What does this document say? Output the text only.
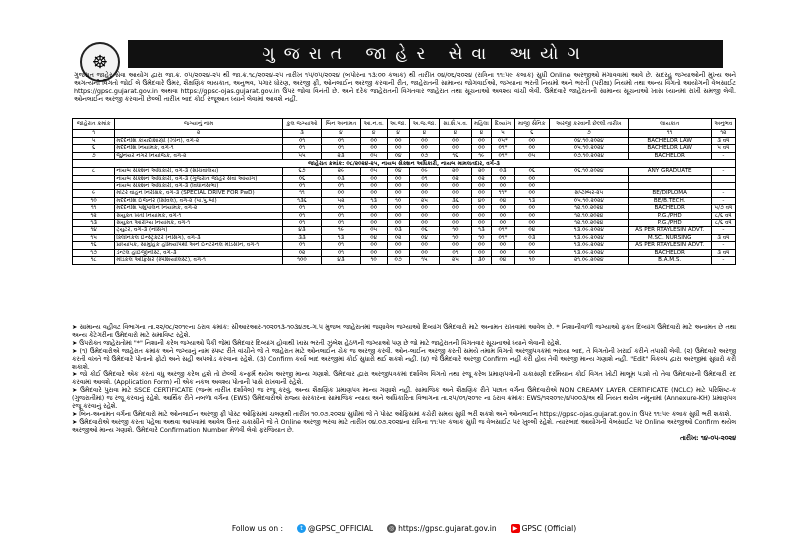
☸	ગુજરાત જાહેર સેવા આયોગ
ગુજરાત જાહેર સેવા આયોગ દ્વારા જા.ક્ર. ૦૫/૨૦૨૪-૨૫ થી જા.ક્ર.૧૮/૨૦૨૪-૨૫ તારીખ ૧૫/૦૫/૨૦૨૪ (બપોરના ૧૩:૦૦ કલાક) થી તારીખ ૦૪/૦૬/૨૦૨૪ (રાત્રિના ૧૧:૫૯ કલાક) સુધી Online અરજીઓ મંગાવવામાં આવે છે. સદરહુ જગ્યાઓની મુખ્ય અને અગત્યની વિગતો જોઈ લે ઉમેદવારે ઉંમર, શૈક્ષણિક લાયકાત, અનુભવ, પગાર ધોરણ, અરજી ફી, ઓનલાઈન અરજી કરવાની રીત, જાહેરાતની સામાન્ય જોગવાઈઓ, જગ્યાના ભરતી નિયમો અને ભરતી (પરીક્ષા) નિયમો તથા અન્ય વિગતો આયોગની વેબસાઈટ https://gpsc.gujarat.gov.in અથવા https://gpsc-ojas.gujarat.gov.in ઉપર જોવા વિનંતી છે. અને દરેક જાહેરાતની વિગતવાર જાહેરાત તથા સૂચનાઓ અવશ્ય વાંચી લેવી. ઉમેદવારે જાહેરાતની સામાન્ય સૂચનાઓ ખાસ ધ્યાનમાં રાખી સમજી લેવી. ઓનલાઈન અરજી કરવાની છેલ્લી તારીખ બાદ કોઈ રજૂઆત ધ્યાને લેવામાં આવશે નહીં.
જાહેરાત ક્રમાંક	જગ્યાનું નામ	કુલ જગ્યાઓ	બિન અનામત	આ.ન.વ.	અ.જા.	અ.જ.જા.	સા.શૈ.પ.વ.	મહિલા	દિવ્યાંગ	માજી સૈનિક	અરજી કરવાની છેલ્લી તારીખ	લાયકાત	અનુભવ
૧	૨	૩	૪	૪	૪	૪	૪	૪	૫	૬	૭	૧૧	૧૨
૫	મદદનીશ કાયદાશાસ્ત્રી (ઝોન), વર્ગ-૨	૦૧	૦૧	૦૦	૦૦	૦૦	૦૦	૦૦	૦૫*	૦૦	૦૪.૧૦.૨૦૨૪	BACHELOR LAW	૩ વર્ષ
૬	મદદનીશ નિયામક, વર્ગ-૧	૦૧	૦૧	૦૦	૦૦	૦૦	૦૦	૦૦	૦૧*	૦૦	૦૫.૧૦.૨૦૨૪	BACHELOR LAW	૫ વર્ષ
૭	જુનિયર નગર નિયોજક, વર્ગ-૨	૫૫	૨૩	૦૫	૦૪	૦૭	૧૬	૧૯	૦૧*	૦૫	૦૭.૧૦.૨૦૨૪	BACHELOR	-
જાહેરાત ક્રમાંક: ૦૮/૨૦૨૪-૨૫, નાયબ સેક્શન અધિકારી, નાયબ મામલતદાર, વર્ગ-૩													
૮	નાયબ સેક્શન અધિકારી, વર્ગ-૩ (સચિવાલય)	૬૭	૨૯	૦૫	૦૪	૦૯	૨૦	૨૦	૦૩	૦૬	૦૬.૧૦.૨૦૨૪	ANY GRADUATE	-
	નાયબ સેક્શન અધિકારી, વર્ગ-૩ (ગુજરાત જાહેર સેવા આયોગ)	૦૬	૦૩	૦૦	૦૦	૦૧	૦૨	૦૨	૦૦	૦૦			
	નાયબ સેક્શન અધિકારી, વર્ગ-૩ (વિધાનસભા)	૦૧	૦૧	૦૦	૦૦	૦૦	૦૦	૦૦	૦૦	૦૦			
૯	મોટર વાહન નિરીક્ષક, વર્ગ-૩ (SPECIAL DRIVE FOR PwD)	૧૧	૦૦	૦૦	૦૦	૦૦	૦૦	૦૦	૧૧*	૦૦	સપ્ટેમ્બર-૨૫	BE/DIPLOMA	-
૧૦	મદદનીશ ઈજનેર (સિવિલ), વર્ગ-૨ (પા.પુ.બો)	૧૩૬	૫૨	૧૩	૧૦	૨૫	૩૬	૪૦	૦૪	૧૩	૦૫.૧૦.૨૦૨૪	BE/B.TECH.	-
૧૧	મદદનીશ પશુપાલન નિયામક, વર્ગ-૨	૦૧	૦૧	૦૦	૦૦	૦૦	૦૦	૦૦	૦૦	૦૦	૧૨.૧૦.૨૦૨૪	BACHELOR	૫/૭ વર્ષ
૧૨	સંયુક્ત ખેતી નિયામક, વર્ગ-૧	૦૧	૦૧	૦૦	૦૦	૦૦	૦૦	૦૦	૦૦	૦૦	૧૨.૧૦.૨૦૨૪	P.G./PHD	૮/૬ વર્ષ
૧૩	સંયુક્ત આરોગ્ય નિયામક, વર્ગ-૧	૦૧	૦૧	૦૦	૦૦	૦૦	૦૦	૦૦	૦૦	૦૦	૧૨.૧૦.૨૦૨૪	P.G./PHD	૮/૬ વર્ષ
૧૪	ટ્યુટર, વર્ગ-૩ (નર્સિંગ)	૪૩	૧૯	૦૫	૦૩	૦૬	૧૦	૧૩	૦૧*	૦૪	૧૩.૦૯.૨૦૨૪	AS PER RTAYLESIN ADVT.	-
૧૫	ક્લિનિકલ ઈન્સ્ટ્રક્ટર (નર્સિંગ), વર્ગ-૩	૩૩	૧૩	૦૪	૦૨	૦૪	૧૦	૧૦	૦૧*	૦૩	૧૩.૦૯.૨૦૨૪	M.SC. NURSING	૩ વર્ષ
૧૬	પ્રાધ્યાપક, સામુહિક હોમિયોપેથી અને ઈન્ટરનલ મેડિસીન, વર્ગ-૧	૦૧	૦૧	૦૦	૦૦	૦૦	૦૦	૦૦	૦૦	૦૦	૧૩.૦૯.૨૦૨૪	AS PER RTAYLESIN ADVT.	-
૧૭	ડેન્ટલ હાઈજીનીસ્ટ, વર્ગ-૩	૦૨	૦૧	૦૦	૦૦	૦૦	૦૧	૦૦	૦૦	૦૦	૧૩.૦૯.૨૦૨૪	BACHELOR	૩ વર્ષ
૧૮	મેડિકલ ઓફિસર (સ્પેશિયાલિસ્ટ), વર્ગ-૧	૧૦૦	૪૩	૧૦	૦૭	૧૫	૨૫	૩૦	૦૪	૧૦	૨૧.૦૯.૨૦૨૪	B.A.M.S.	-

➤ સામાન્ય વહીવટ વિભાગના તા.૨૨/૦૮/૨૦૧૯ના ઠરાવ ક્રમાંક: સીઆરઆર-૧૦૨૦૧૩-૧૦૩૪૭૬-ગ.૫ મુજબ જાહેરાતમાં જણાવેલ જગ્યાઓ દિવ્યાંગ ઉમેદવારો માટે અનામત રાખવામાં આવેલ છે. * નિશાનીવાળી જગ્યાઓ ફક્ત દિવ્યાંગ ઉમેદવારો માટે અનામત છે તથા અન્ય કેટેગરીના ઉમેદવારો માટે સમાવિષ્ટ રહેશે.

➤ ઉપરોક્ત જાહેરાતોમાં "*" નિશાની કરેલ જગ્યાઓ પૈકી જેમાં ઉમેદવાર દિવ્યાંગ હોવાથી ખાસ ભરતી ઝુંબેશ હેઠળની જગ્યાઓ પણ છે જો માટે જાહેરાતની વિગતવાર સૂચનાઓ ધ્યાને લેવાની રહેશે.

➤ (૧) ઉમેદવારોએ જાહેરાત ક્રમાંક અને જગ્યાનું નામ સ્પષ્ટ રીતે વાંચીને જે તે જાહેરાત માટે ઓનલાઈન ચેક જ અરજી કરવી. ઓન-લાઈન અરજી કરતી સમયે તમામ વિગતો અરજીપત્રકમાં ભરાયા બાદ, તે વિગતોની ખરાઈ કરીને તપાસી લેવી. (૨) ઉમેદવારે અરજી કરતી વખતે જે ઉમેદવારે પોતાનો ફોટો અને સહી અપલોડ કરવાના રહેશે. (૩) Confirm કર્યા બાદ અરજીમાં કોઈ સુધારો થઈ શકશે નહીં. (૪) જે ઉમેદવારે અરજી Confirm નહીં કરી હોય તેવી અરજી માન્ય ગણાશે નહીં. "Edit" વિકલ્પ દ્વારા અરજીમાં સુધારો કરી શકાશે.

➤ જો કોઈ ઉમેદવારે એક કરતાં વધુ અરજી કરેલ હશે તો છેલ્લી કન્ફર્મ થયેલ અરજી માન્ય ગણાશે. ઉમેદવાર દ્વારા અરજીપત્રકમાં દર્શાવેલ વિગતો તથા રજૂ કરેલ પ્રમાણપત્રોની ચકાસણી દરમિયાન કોઈ વિગત ખોટી માલૂમ પડશે તો તેવા ઉમેદવારની ઉમેદવારી રદ કરવામાં આવશે. (Application Form) ની એક નકલ અવશ્ય પોતાની પાસે રાખવાની રહેશે.

➤ ઉમેદવારે પુરાવા માટે SSCE CERTIFICATE (જન્મ તારીખ દર્શાવેલ) જ રજૂ કરવું, અન્ય શૈક્ષણિક પ્રમાણપત્ર માન્ય ગણાશે નહીં. સામાજિક અને શૈક્ષણિક રીતે પછાત વર્ગના ઉમેદવારોએ NON CREAMY LAYER CERTIFICATE (NCLC) માટે પરિશિષ્ટ-ક (ગુજરાતીમાં) જ રજૂ કરવાનું રહેશે. આર્થિક રીતે નબળા વર્ગના (EWS) ઉમેદવારોએ રાજ્ય સરકારના સામાજિક ન્યાય અને અધિકારિતા વિભાગના તા.૨૫/૦૧/૨૦૧૯ ના ઠરાવ ક્રમાંક: EWS/૧૨૨૦૧૯/૪૫૦૦૩/અ થી નિયત થયેલ નમૂનામાં (Annexure-KH) પ્રમાણપત્ર રજૂ કરવાનું રહેશે.

➤ બિન-અનામત વર્ગના ઉમેદવારો માટે ઓનલાઈન અરજી ફી પોસ્ટ ઓફિસમાં ચલણથી તારીખ ૧૦.૦૭.૨૦૨૪ સુધીમાં જે તે પોસ્ટ ઓફિસમાં કચેરી સમય સુધી ભરી શકશે અને ઓનલાઈન https://gpsc-ojas.gujarat.gov.in ઉપર ૧૧:૫૯ કલાક સુધી ભરી શકાશે.

➤ ઉમેદવારોએ અરજી કરતા પહેલા અથવા આપવામાં આવેલ ઉત્તર ચકાસીને જે તે Online અરજી ભરવા માટે તારીખ ૦૪.૦૭.૨૦૨૪ના રાત્રિના ૧૧:૫૯ કલાક સુધી જ વેબસાઈટ પર ખુલ્લી રહેશે. ત્યારબાદ આયોગની વેબસાઈટ પર Online અરજીઓ Confirm થયેલ અરજીઓ માન્ય ગણાશે. ઉમેદવારે Confirmation Number મેળવી લેવો ફરજિયાત છે.

તારીખ: ૧૪-૦૫-૨૦૨૪

Follow us on :	t @GPSC_OFFICIAL	◎ https://gpsc.gujarat.gov.in	▶ GPSC (Official)
